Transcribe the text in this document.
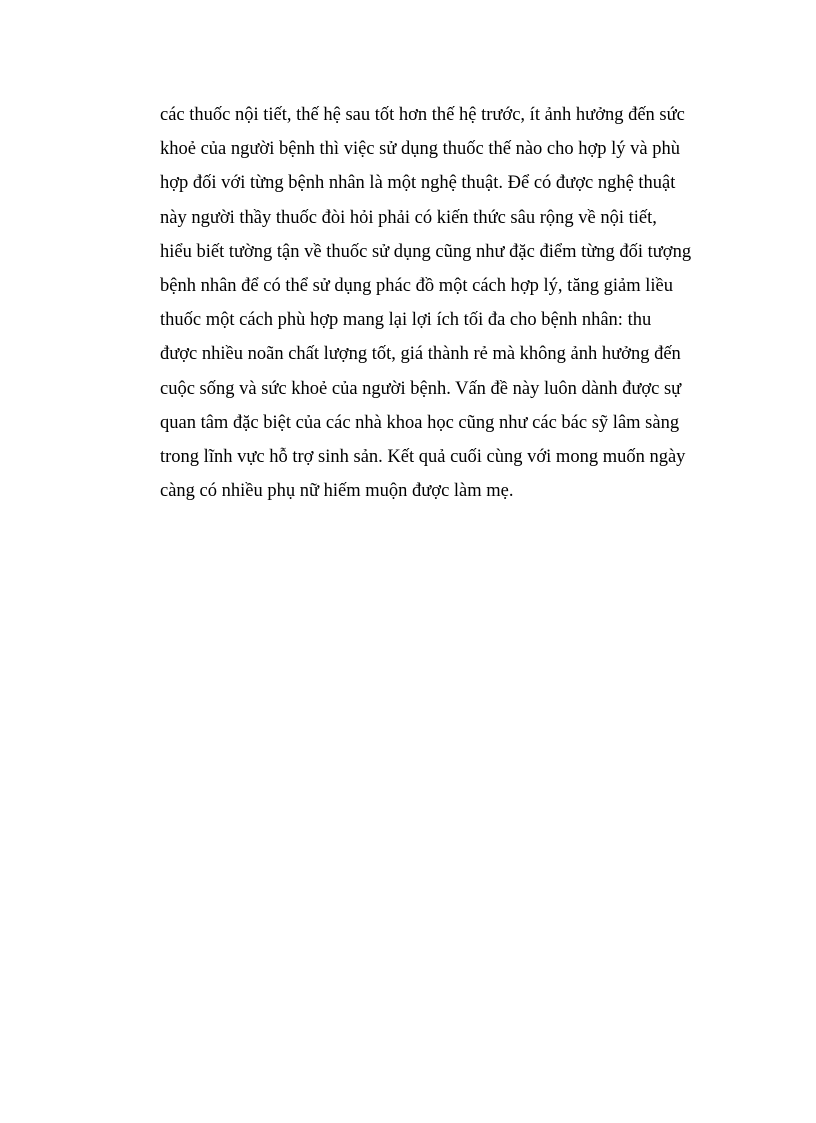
các thuốc nội tiết, thế hệ sau tốt hơn thế hệ trước, ít ảnh hưởng đến sức
khoẻ của người bệnh thì việc sử dụng thuốc thế nào cho hợp lý và phù
hợp đối với từng bệnh nhân là một nghệ thuật. Để có được nghệ thuật
này người thầy thuốc đòi hỏi phải có kiến thức sâu rộng về nội tiết,
hiểu biết tường tận về thuốc sử dụng cũng như đặc điểm từng đối tượng
bệnh nhân để có thể sử dụng phác đồ một cách hợp lý, tăng giảm liều
thuốc một cách phù hợp mang lại lợi ích tối đa cho bệnh nhân: thu
được nhiều noãn chất lượng tốt, giá thành rẻ mà không ảnh hưởng đến
cuộc sống và sức khoẻ của người bệnh. Vấn đề này luôn dành được sự
quan tâm đặc biệt của các nhà khoa học cũng như các bác sỹ lâm sàng
trong lĩnh vực hỗ trợ sinh sản. Kết quả cuối cùng với mong muốn ngày
càng có nhiều phụ nữ hiếm muộn được làm mẹ.
